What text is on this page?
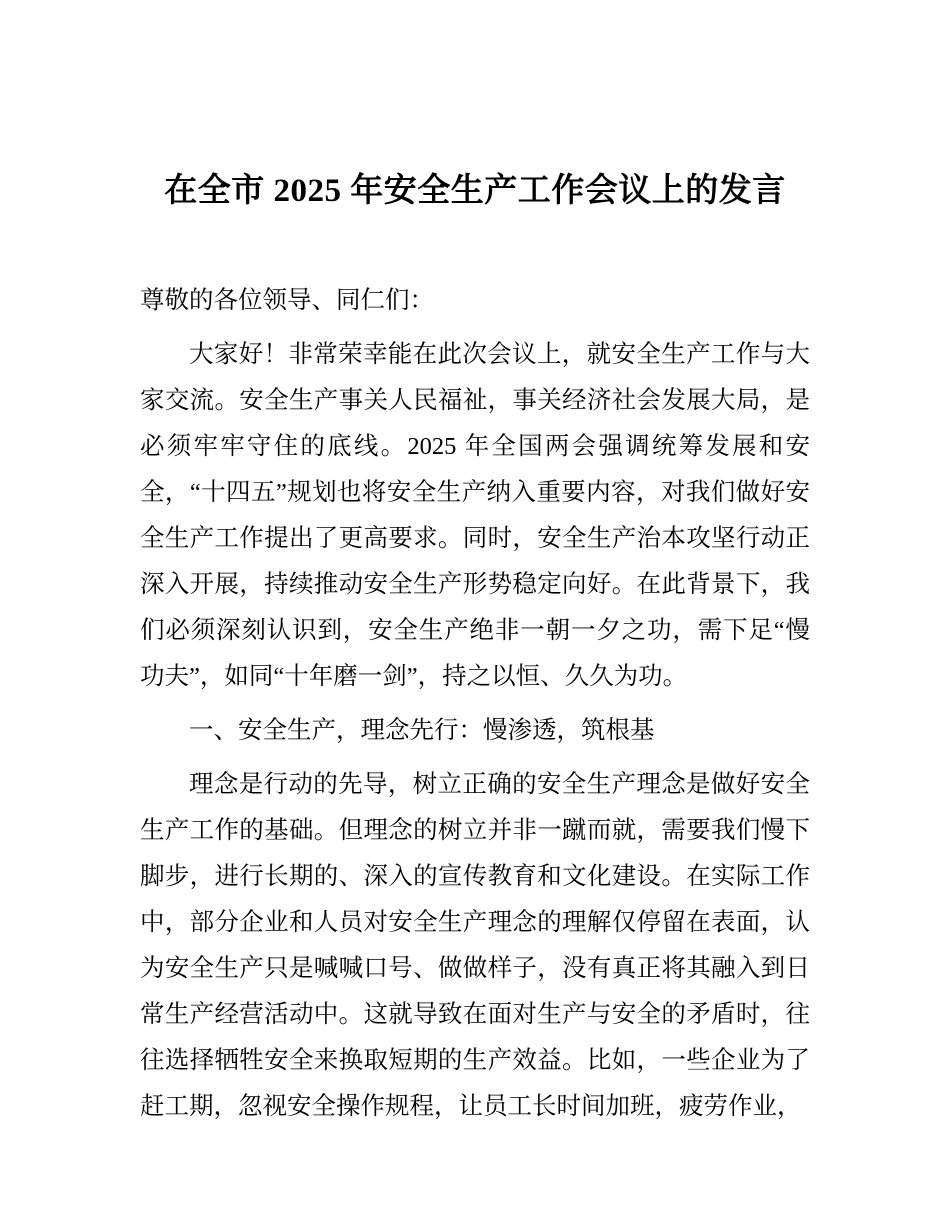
在全市 2025 年安全生产工作会议上的发言

尊敬的各位领导、同仁们：

大家好！非常荣幸能在此次会议上，就安全生产工作与大家交流。安全生产事关人民福祉，事关经济社会发展大局，是必须牢牢守住的底线。2025 年全国两会强调统筹发展和安全，“十四五”规划也将安全生产纳入重要内容，对我们做好安全生产工作提出了更高要求。同时，安全生产治本攻坚行动正深入开展，持续推动安全生产形势稳定向好。在此背景下，我们必须深刻认识到，安全生产绝非一朝一夕之功，需下足“慢功夫”，如同“十年磨一剑”，持之以恒、久久为功。

一、安全生产，理念先行：慢渗透，筑根基

理念是行动的先导，树立正确的安全生产理念是做好安全生产工作的基础。但理念的树立并非一蹴而就，需要我们慢下脚步，进行长期的、深入的宣传教育和文化建设。在实际工作中，部分企业和人员对安全生产理念的理解仅停留在表面，认为安全生产只是喊喊口号、做做样子，没有真正将其融入到日常生产经营活动中。这就导致在面对生产与安全的矛盾时，往往选择牺牲安全来换取短期的生产效益。比如，一些企业为了赶工期，忽视安全操作规程，让员工长时间加班，疲劳作业，
